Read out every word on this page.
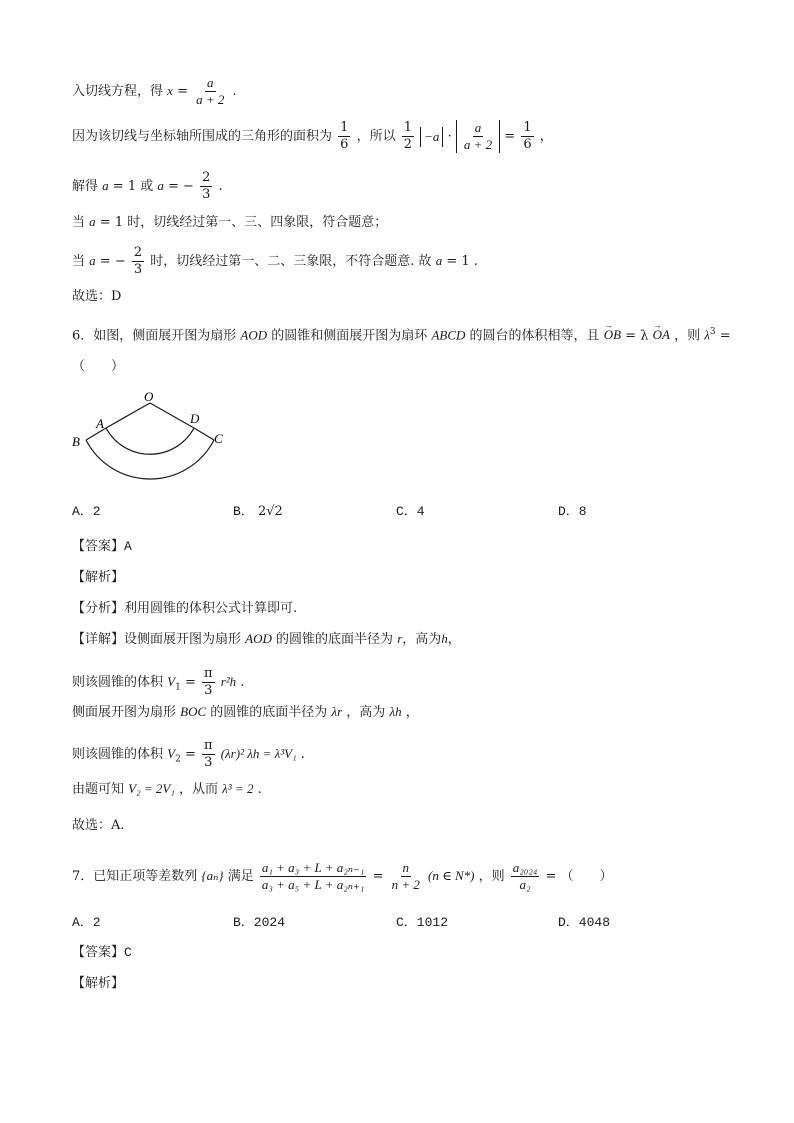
入切线方程，得 $x = \frac{a}{a + 2}$ .
因为该切线与坐标轴所围成的三角形的面积为 $\frac{1}{6}$ ，所以 $\frac{1}{2} -a \cdot \frac{a}{a + 2} = \frac{1}{6}$ ，
解得 a = 1 或 a = − $\frac{2}{3}$ .
当 a = 1 时，切线经过第一、三、四象限，符合题意；
当 a = − $\frac{2}{3}$ 时，切线经过第一、二、三象限，不符合题意. 故 a = 1 .
故选：D
6．如图，侧面展开图为扇形 AOD 的圆锥和侧面展开图为扇环 ABCD 的圆台的体积相等，且 → OB = λ → OA ，则 $\lambda^3$ =
（　　）
O
A
B
D
C
A．2	B． 2√2	C．4	D．8
【答案】A
【解析】
【分析】利用圆锥的体积公式计算即可.
【详解】设侧面展开图为扇形 AOD 的圆锥的底面半径为 r，高为h，
则该圆锥的体积 $V_1 = \frac{\pi}{3} r^2h$ .
侧面展开图为扇形 BOC 的圆锥的底面半径为 λr ，高为 λh ，
则该圆锥的体积 $V_2 = \frac{\pi}{3} (\lambda r)^2$ λh = λ³V₁ .
由题可知 V₂ = 2V₁ ，从而 λ³ = 2 .
故选：A.
7．已知正项等差数列 {aₙ} 满足 $\frac{\text{a₁ + a₃ + L + a₂ₙ₋₁}}{\text{a₃ + a₅ + L + a₂ₙ₊₁}} = \frac{n}{n + 2} (n$ ∈ N*) ，则 $\frac{\text{a₂₀₂₄}}{\text{a₂}}$ = （　　）
A．2	B．2024	C．1012	D．4048
【答案】C
【解析】
